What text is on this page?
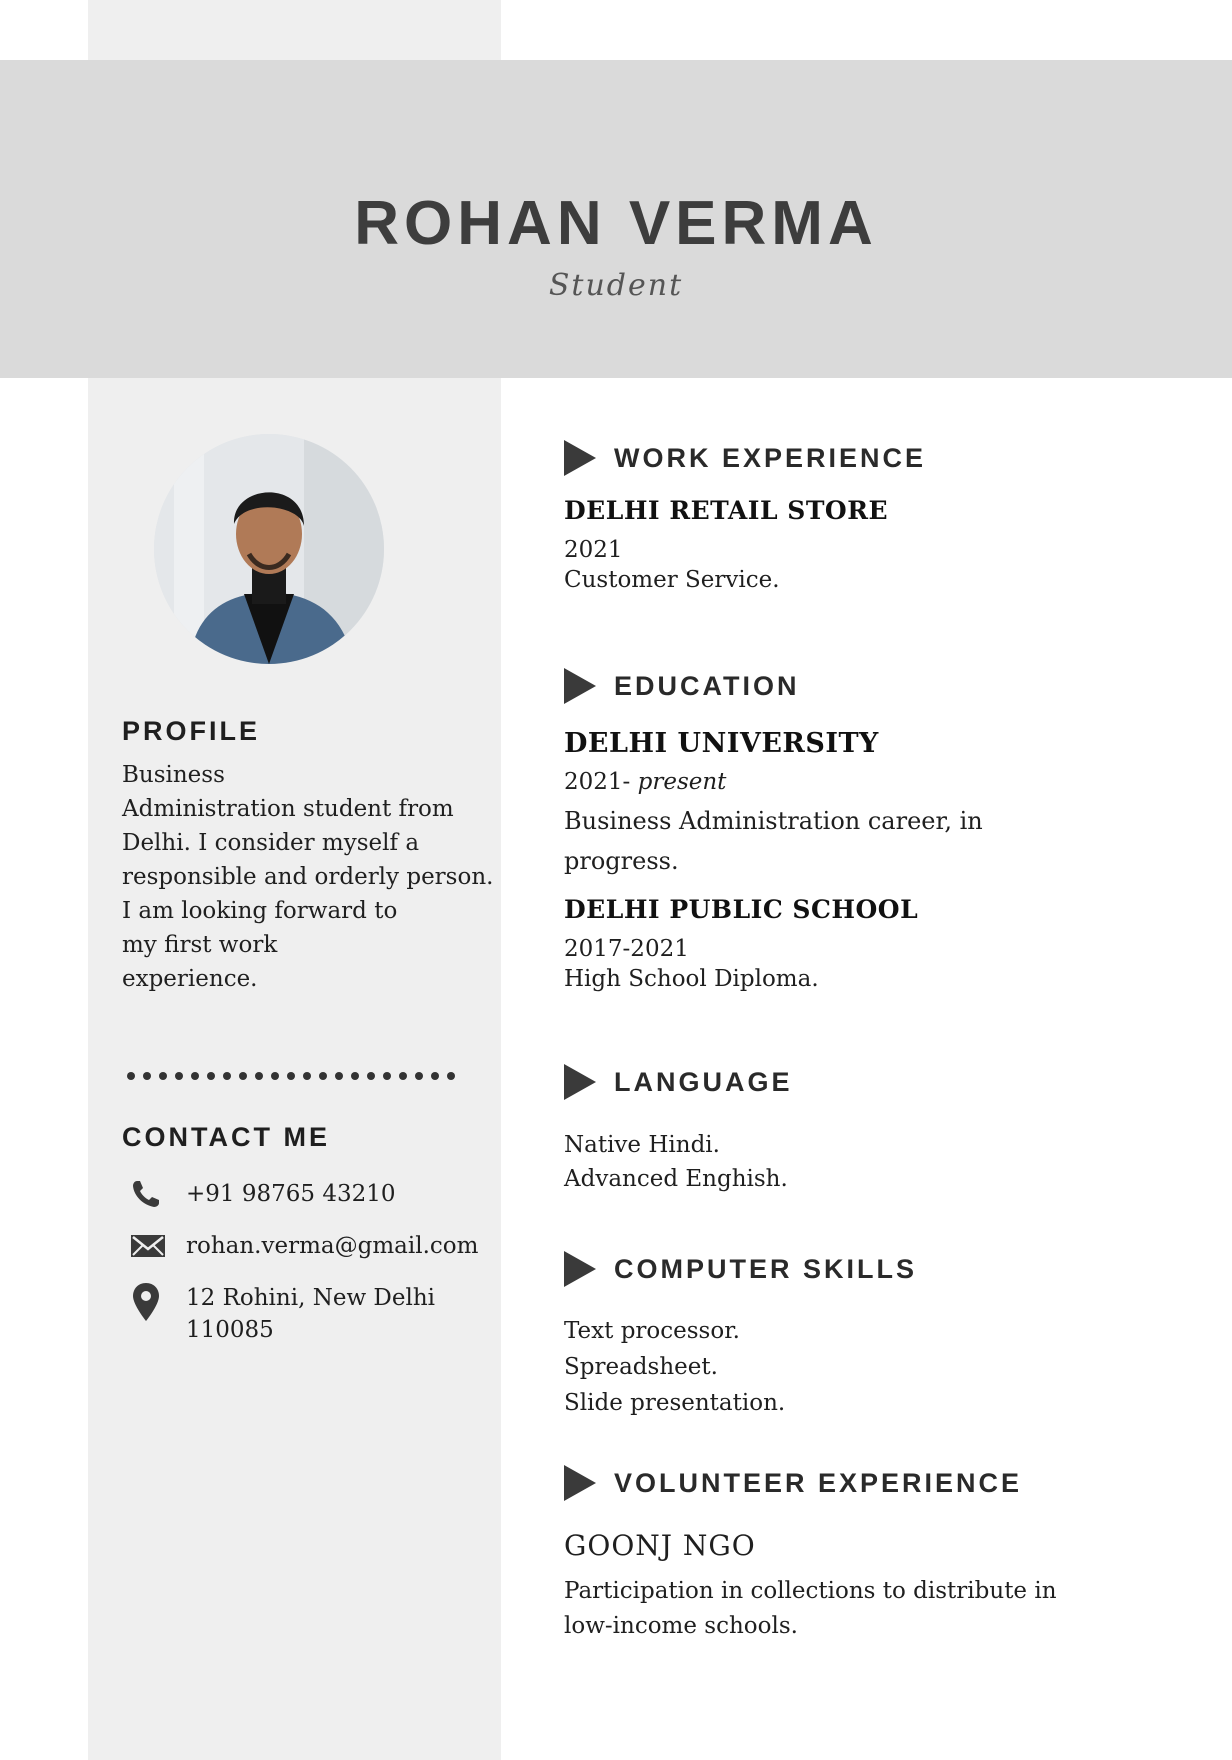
ROHAN VERMA
Student
PROFILE
Business
Administration student from
Delhi. I consider myself a
responsible and orderly person.
I am looking forward to
my first work
experience.
CONTACT ME
+91 98765 43210
rohan.verma@gmail.com
12 Rohini, New Delhi
110085
WORK EXPERIENCE
DELHI RETAIL STORE
2021
Customer Service.
EDUCATION
DELHI UNIVERSITY
2021- present
Business Administration career, in
progress.
DELHI PUBLIC SCHOOL
2017-2021
High School Diploma.
LANGUAGE
Native Hindi.
Advanced Enghish.
COMPUTER SKILLS
Text processor.
Spreadsheet.
Slide presentation.
VOLUNTEER EXPERIENCE
GOONJ NGO
Participation in collections to distribute in
low-income schools.
